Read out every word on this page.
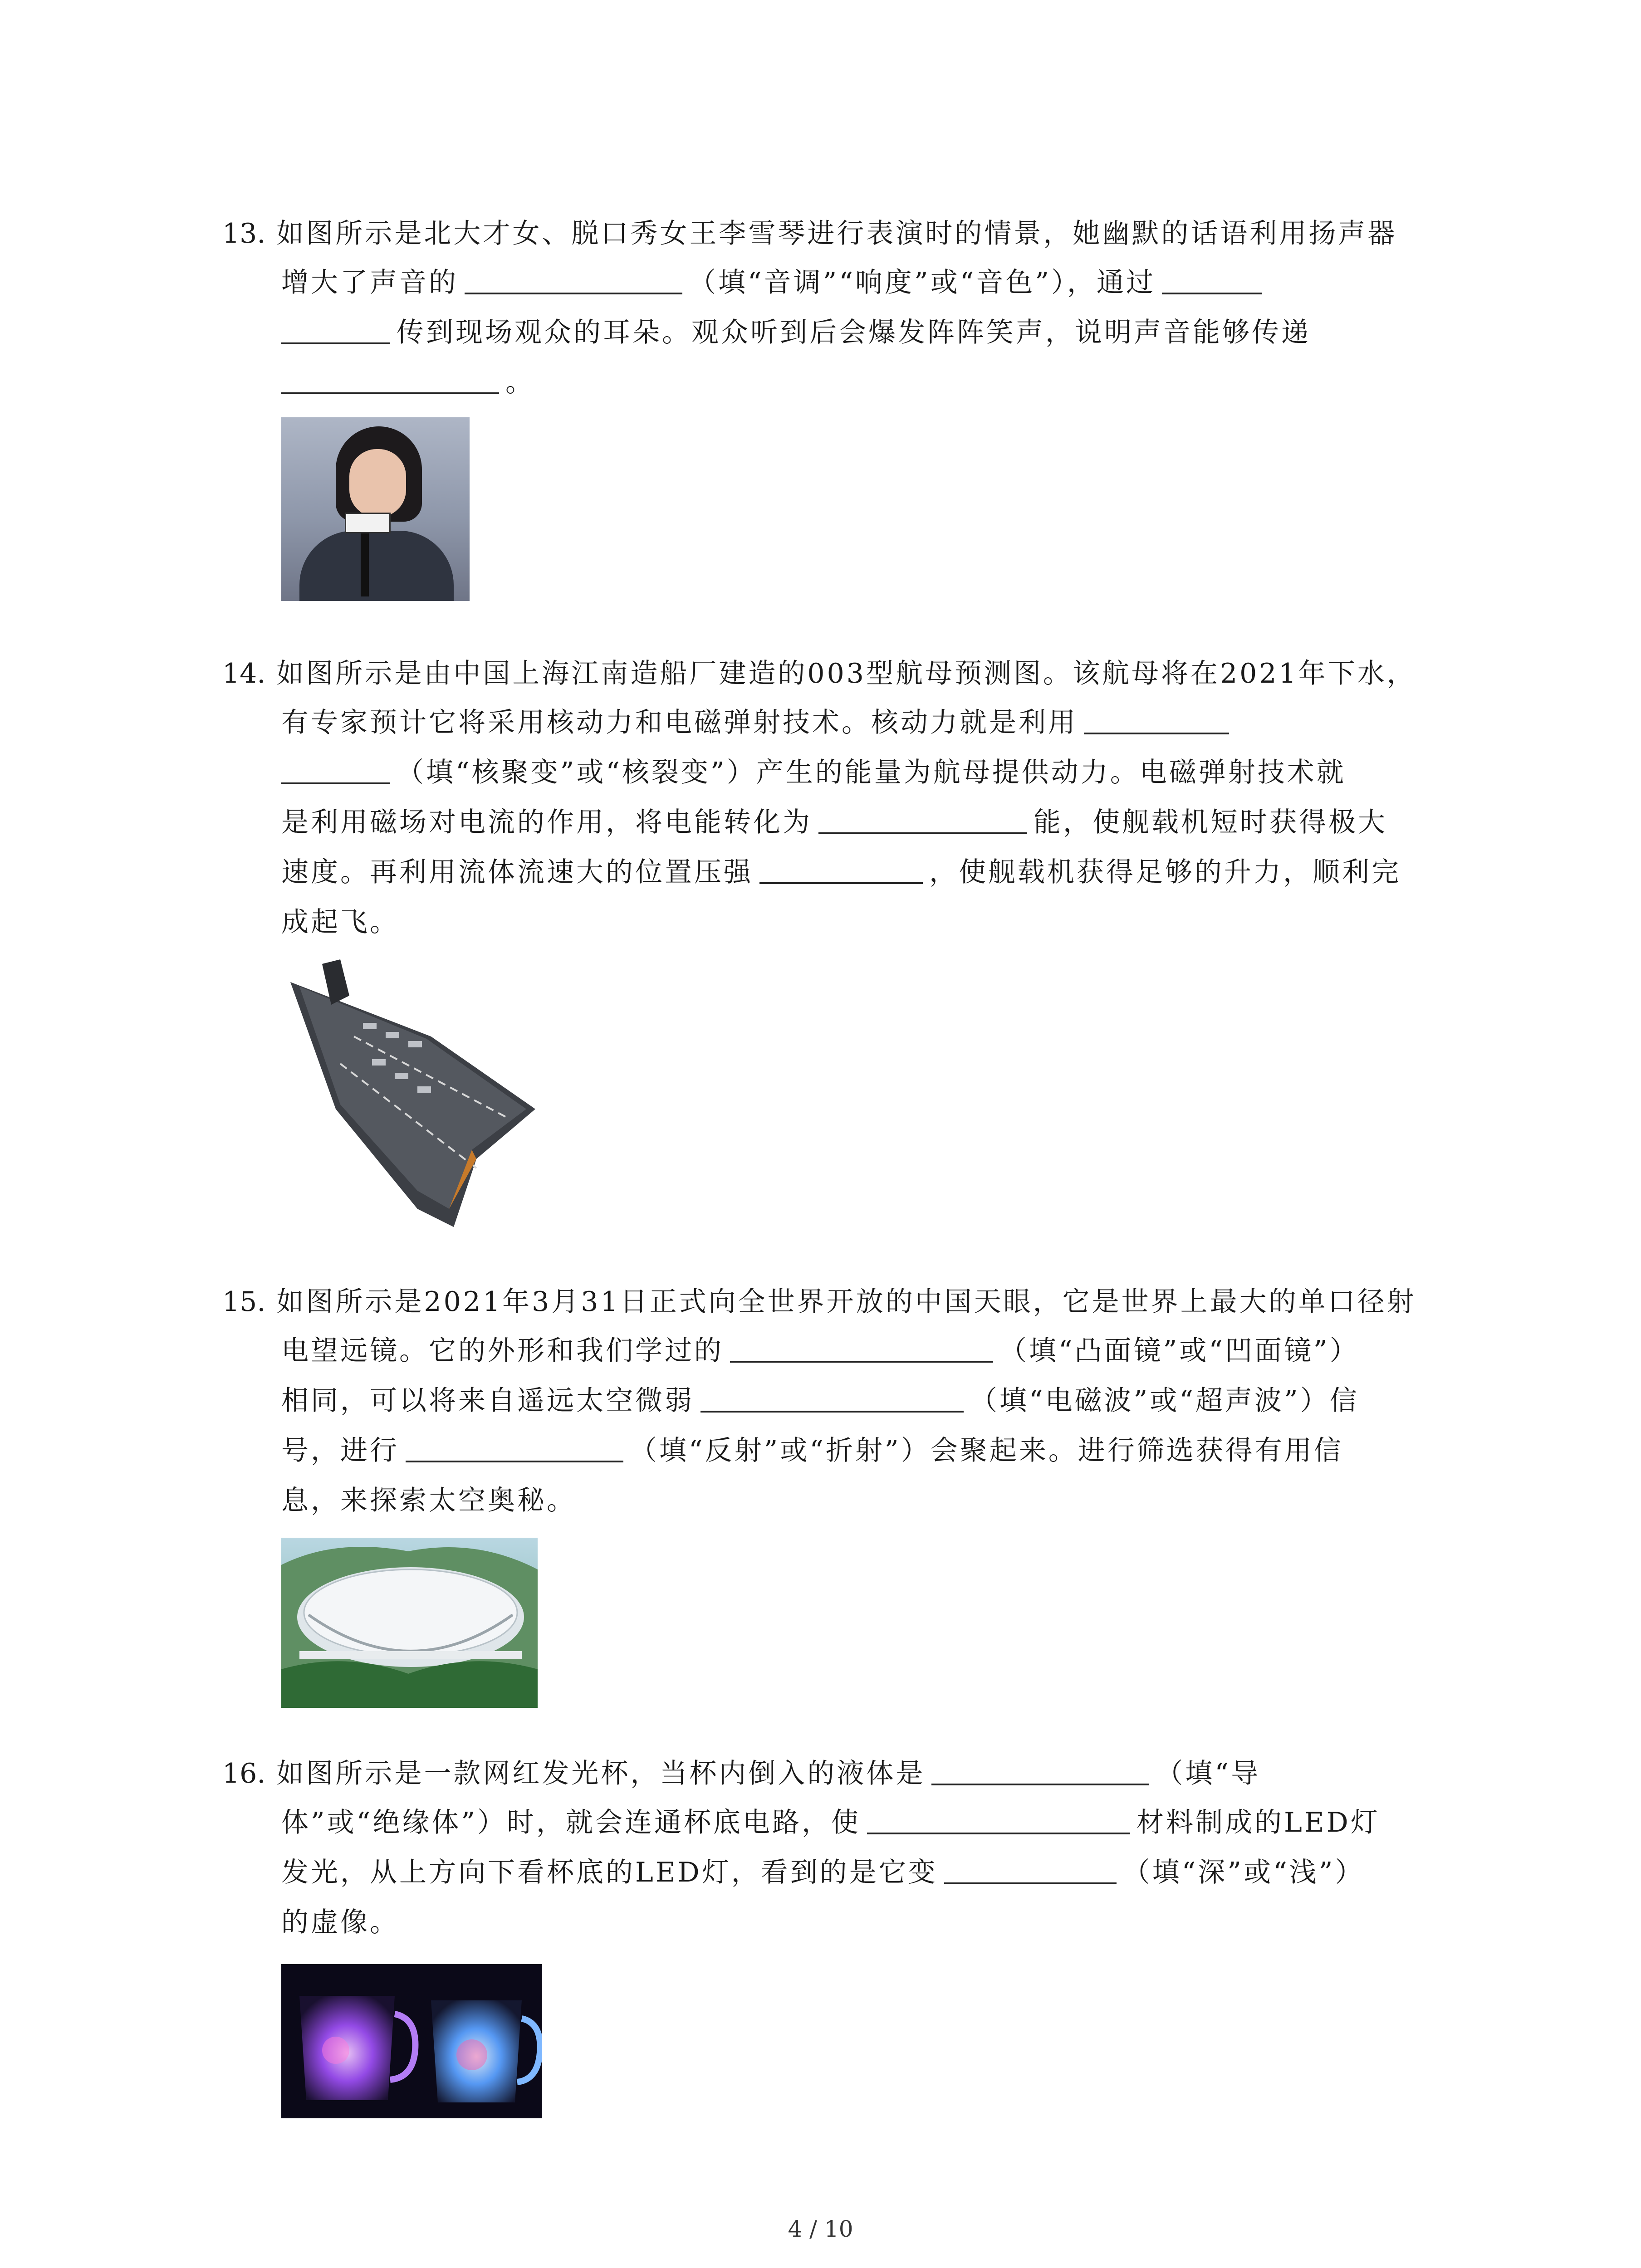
13. 如图所示是北大才女、脱口秀女王李雪琴进行表演时的情景，她幽默的话语利用扬声器
增大了声音的	（填“音调”“响度”或“音色”），通过
传到现场观众的耳朵。观众听到后会爆发阵阵笑声，说明声音能够传递
。
14. 如图所示是由中国上海江南造船厂建造的003型航母预测图。该航母将在2021年下水，
有专家预计它将采用核动力和电磁弹射技术。核动力就是利用
（填“核聚变”或“核裂变”）产生的能量为航母提供动力。电磁弹射技术就
是利用磁场对电流的作用，将电能转化为	能，使舰载机短时获得极大
速度。再利用流体流速大的位置压强	，使舰载机获得足够的升力，顺利完
成起飞。
15. 如图所示是2021年3月31日正式向全世界开放的中国天眼，它是世界上最大的单口径射
电望远镜。它的外形和我们学过的	（填“凸面镜”或“凹面镜”）
相同，可以将来自遥远太空微弱	（填“电磁波”或“超声波”）信
号，进行	（填“反射”或“折射”）会聚起来。进行筛选获得有用信
息，来探索太空奥秘。
16. 如图所示是一款网红发光杯，当杯内倒入的液体是	（填“导
体”或“绝缘体”）时，就会连通杯底电路，使	材料制成的LED灯
发光，从上方向下看杯底的LED灯，看到的是它变	（填“深”或“浅”）
的虚像。
4 / 10
